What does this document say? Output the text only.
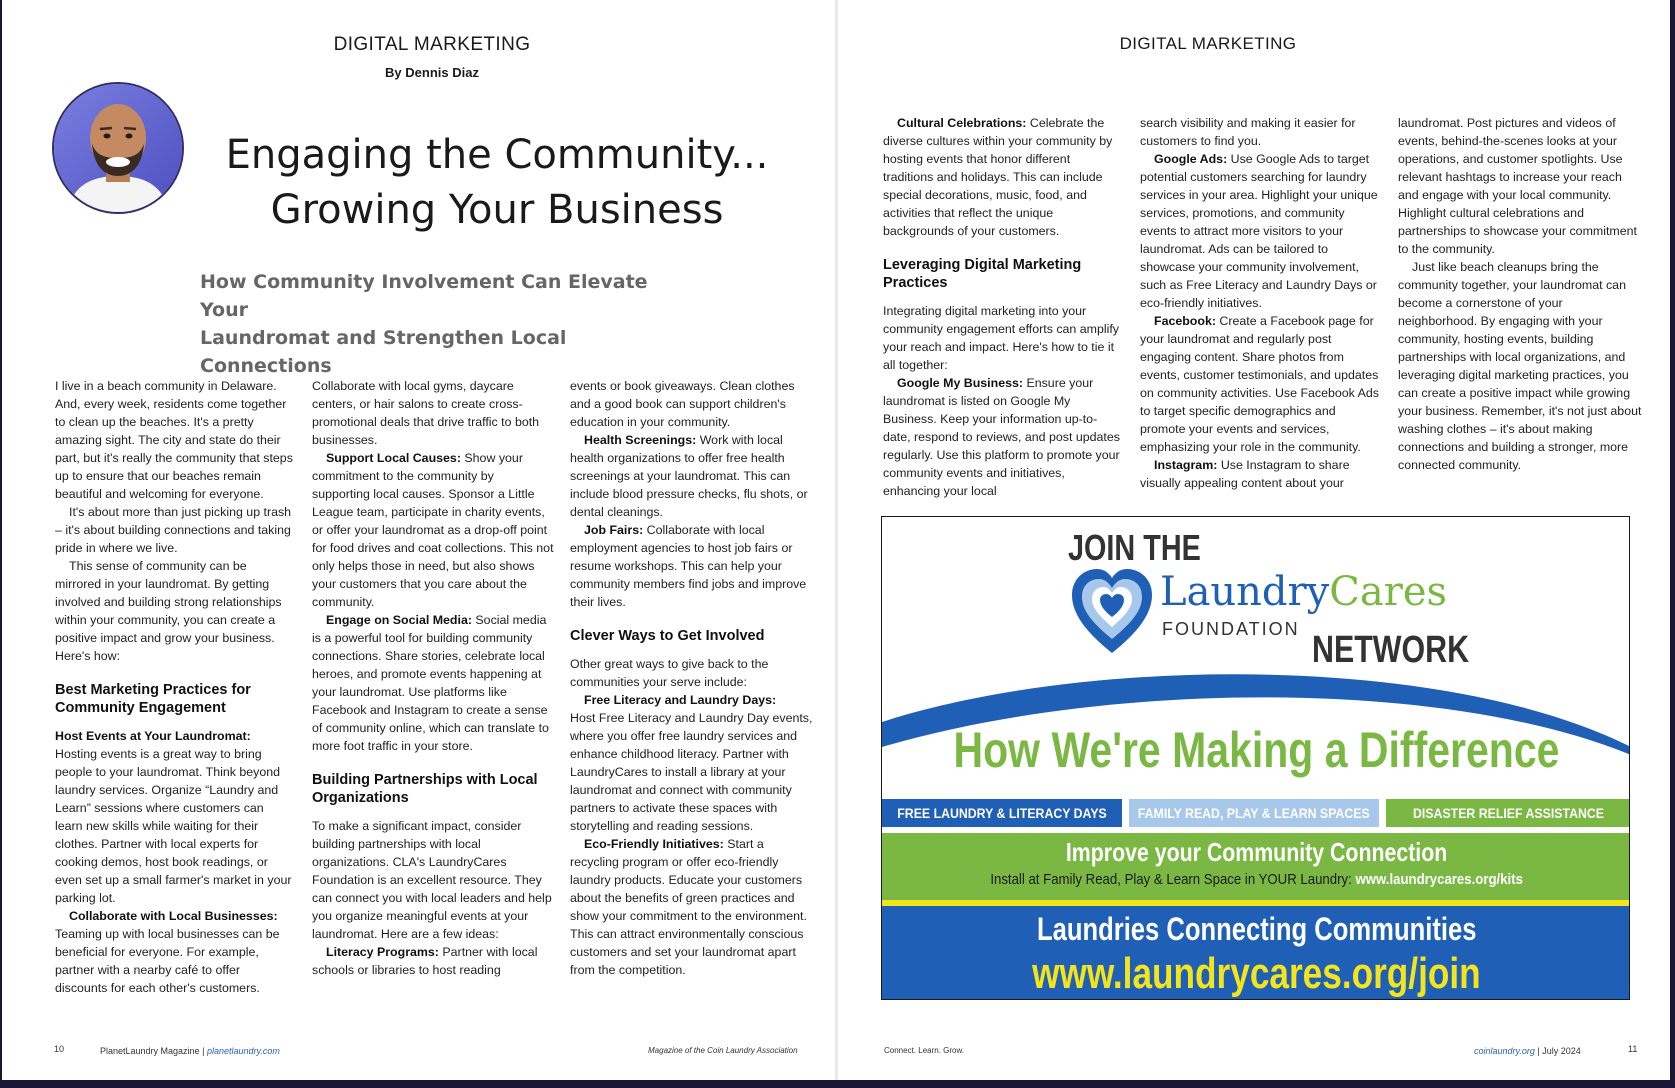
DIGITAL MARKETING
By Dennis Diaz
Engaging the Community...
Growing Your Business
How Community Involvement Can Elevate Your
Laundromat and Strengthen Local Connections

I live in a beach community in Delaware. And, every week, residents come together to clean up the beaches. It's a pretty amazing sight. The city and state do their part, but it's really the community that steps up to ensure that our beaches remain beautiful and welcoming for everyone.

It's about more than just picking up trash – it's about building connections and taking pride in where we live.

This sense of community can be mirrored in your laundromat. By getting involved and building strong relationships within your community, you can create a positive impact and grow your business. Here's how:

Best Marketing Practices for Community Engagement

Host Events at Your Laundromat:
Hosting events is a great way to bring people to your laundromat. Think beyond laundry services. Organize “Laundry and Learn” sessions where customers can learn new skills while waiting for their clothes. Partner with local experts for cooking demos, host book readings, or even set up a small farmer's market in your parking lot.

Collaborate with Local Businesses: Teaming up with local businesses can be beneficial for everyone. For example, partner with a nearby café to offer discounts for each other's customers.

Collaborate with local gyms, daycare centers, or hair salons to create cross-promotional deals that drive traffic to both businesses.

Support Local Causes: Show your commitment to the community by supporting local causes. Sponsor a Little League team, participate in charity events, or offer your laundromat as a drop-off point for food drives and coat collections. This not only helps those in need, but also shows your customers that you care about the community.

Engage on Social Media: Social media is a powerful tool for building community connections. Share stories, celebrate local heroes, and promote events happening at your laundromat. Use platforms like Facebook and Instagram to create a sense of community online, which can translate to more foot traffic in your store.

Building Partnerships with Local Organizations

To make a significant impact, consider building partnerships with local organizations. CLA's LaundryCares Foundation is an excellent resource. They can connect you with local leaders and help you organize meaningful events at your laundromat. Here are a few ideas:

Literacy Programs: Partner with local schools or libraries to host reading

events or book giveaways. Clean clothes and a good book can support children's education in your community.

Health Screenings: Work with local health organizations to offer free health screenings at your laundromat. This can include blood pressure checks, flu shots, or dental cleanings.

Job Fairs: Collaborate with local employment agencies to host job fairs or resume workshops. This can help your community members find jobs and improve their lives.

Clever Ways to Get Involved

Other great ways to give back to the communities your serve include:

Free Literacy and Laundry Days:
Host Free Literacy and Laundry Day events, where you offer free laundry services and enhance childhood literacy. Partner with LaundryCares to install a library at your laundromat and connect with community partners to activate these spaces with storytelling and reading sessions.

Eco-Friendly Initiatives: Start a recycling program or offer eco-friendly laundry products. Educate your customers about the benefits of green practices and show your commitment to the environment. This can attract environmentally conscious customers and set your laundromat apart from the competition.

10	PlanetLaundry Magazine | planetlaundry.com	Magazine of the Coin Laundry Association
DIGITAL MARKETING

Cultural Celebrations: Celebrate the diverse cultures within your community by hosting events that honor different traditions and holidays. This can include special decorations, music, food, and activities that reflect the unique backgrounds of your customers.

Leveraging Digital Marketing Practices

Integrating digital marketing into your community engagement efforts can amplify your reach and impact. Here's how to tie it all together:

Google My Business: Ensure your laundromat is listed on Google My Business. Keep your information up-to-date, respond to reviews, and post updates regularly. Use this platform to promote your community events and initiatives, enhancing your local

search visibility and making it easier for customers to find you.

Google Ads: Use Google Ads to target potential customers searching for laundry services in your area. Highlight your unique services, promotions, and community events to attract more visitors to your laundromat. Ads can be tailored to showcase your community involvement, such as Free Literacy and Laundry Days or eco-friendly initiatives.

Facebook: Create a Facebook page for your laundromat and regularly post engaging content. Share photos from events, customer testimonials, and updates on community activities. Use Facebook Ads to target specific demographics and promote your events and services, emphasizing your role in the community.

Instagram: Use Instagram to share visually appealing content about your

laundromat. Post pictures and videos of events, behind-the-scenes looks at your operations, and customer spotlights. Use relevant hashtags to increase your reach and engage with your local community. Highlight cultural celebrations and partnerships to showcase your commitment to the community.

Just like beach cleanups bring the community together, your laundromat can become a cornerstone of your neighborhood. By engaging with your community, hosting events, building partnerships with local organizations, and leveraging digital marketing practices, you can create a positive impact while growing your business. Remember, it's not just about washing clothes – it's about making connections and building a stronger, more connected community.

Connect. Learn. Grow.	coinlaundry.org | July 2024	11
JOIN THE
LaundryCares
FOUNDATION NETWORK
How We're Making a Difference
FREE LAUNDRY & LITERACY DAYS FAMILY READ, PLAY & LEARN SPACES	DISASTER RELIEF ASSISTANCE
Improve your Community Connection
Install at Family Read, Play & Learn Space in YOUR Laundry: www.laundrycares.org/kits
Laundries Connecting Communities
www.laundrycares.org/join
